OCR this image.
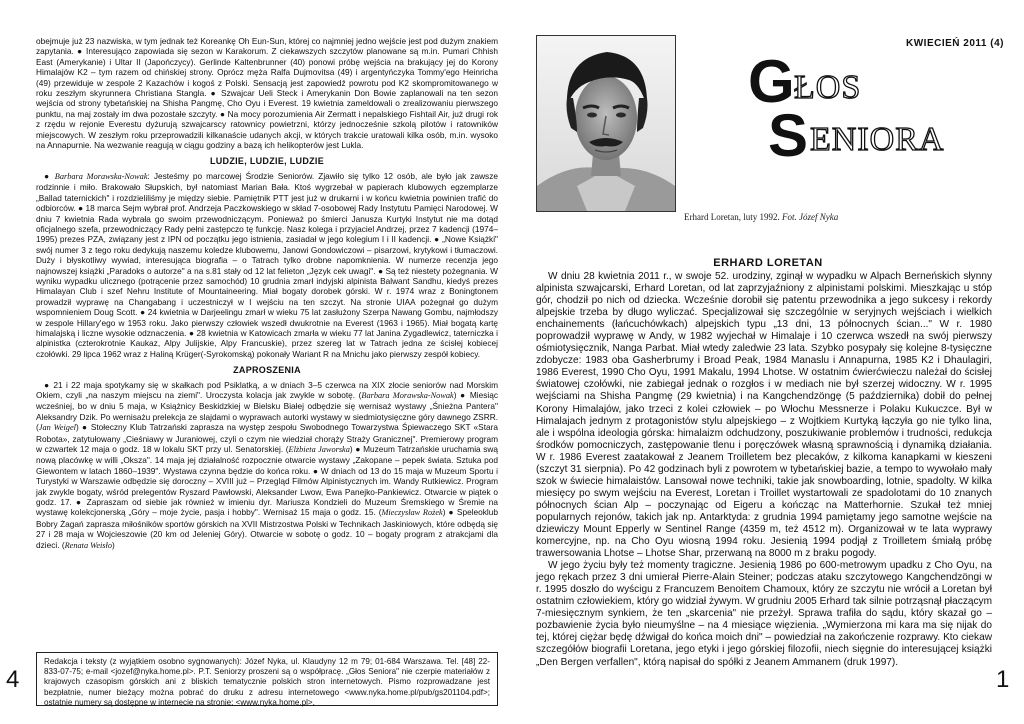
obejmuje już 23 nazwiska, w tym jednak też Koreankę Oh Eun-Sun, której co najmniej jedno wejście jest pod dużym znakiem zapytania. ● Interesująco zapowiada się sezon w Karakorum. Z ciekawszych szczytów planowane są m.in. Pumari Chhish East (Amerykanie) i Ultar II (Japończycy). Gerlinde Kaltenbrunner (40) ponowi próbę wejścia na brakujący jej do Korony Himalajów K2 – tym razem od chińskiej strony. Oprócz męża Ralfa Dujmovitsa (49) i argentyńczyka Tommy'ego Heinricha (49) przewiduje w zespole 2 Kazachów i kogoś z Polski. Sensacją jest zapowiedź powrotu pod K2 skompromitowanego w roku zeszłym skyrunnera Christiana Stangla. ● Szwajcar Ueli Steck i Amerykanin Don Bowie zaplanowali na ten sezon wejścia od strony tybetańskiej na Shisha Pangmę, Cho Oyu i Everest. 19 kwietnia zameldowali o zrealizowaniu pierwszego punktu, na maj zostały im dwa pozostałe szczyty. ● Na mocy porozumienia Air Zermatt i nepalskiego Fishtail Air, już drugi rok z rzędu w rejonie Everestu dyżurują szwajcarscy ratownicy powietrzni, którzy jednocześnie szkolą pilotów i ratowników miejscowych. W zeszłym roku przeprowadzili kilkanaście udanych akcji, w których trakcie uratowali kilka osób, m.in. wysoko na Annapurnie. Na wezwanie reagują w ciągu godziny a bazą ich helikopterów jest Lukla.

LUDZIE, LUDZIE, LUDZIE

● Barbara Morawska-Nowak: Jesteśmy po marcowej Środzie Seniorów. Zjawiło się tylko 12 osób, ale było jak zawsze rodzinnie i miło. Brakowało Słupskich, był natomiast Marian Bała. Ktoś wygrzebał w papierach klubowych egzemplarze „Ballad taternickich" i rozdzieliliśmy je między siebie. Pamiętnik PTT jest już w drukarni i w końcu kwietnia powinien trafić do odbiorców. ● 18 marca Sejm wybrał prof. Andrzeja Paczkowskiego w skład 7-osobowej Rady Instytutu Pamięci Narodowej. W dniu 7 kwietnia Rada wybrała go swoim przewodniczącym. Ponieważ po śmierci Janusza Kurtyki Instytut nie ma dotąd oficjalnego szefa, przewodniczący Rady pełni zastępczo tę funkcję. Nasz kolega i przyjaciel Andrzej, przez 7 kadencji (1974–1995) prezes PZA, związany jest z IPN od początku jego istnienia, zasiadał w jego kolegium I i II kadencji. ● „Nowe Książki" swój numer 3 z tego roku dedykują naszemu koledze klubowemu, Janowi Gondowiczowi – pisarzowi, krytykowi i tłumaczowi. Duży i błyskotliwy wywiad, interesująca biografia – o Tatrach tylko drobne napomknienia. W numerze recenzja jego najnowszej książki „Paradoks o autorze" a na s.81 stały od 12 lat felieton „Język cek uwagi". ● Są też niestety pożegnania. W wyniku wypadku ulicznego (potrącenie przez samochód) 10 grudnia zmarł indyjski alpinista Balwant Sandhu, kiedyś prezes Himalayan Club i szef Nehru Institute of Mountaineering. Miał bogaty dorobek górski. W r. 1974 wraz z Boningtonem prowadził wyprawę na Changabang i uczestniczył w I wejściu na ten szczyt. Na stronie UIAA pożegnał go dużym wspomnieniem Doug Scott. ● 24 kwietnia w Darjeelingu zmarł w wieku 75 lat zasłużony Szerpa Nawang Gombu, najmłodszy w zespole Hillary'ego w 1953 roku. Jako pierwszy człowiek wszedł dwukrotnie na Everest (1963 i 1965). Miał bogatą kartę himalajską i liczne wysokie odznaczenia. ● 28 kwietnia w Katowicach zmarła w wieku 77 lat Janina Zygadlewicz, taterniczka i alpinistka (czterokrotnie Kaukaz, Alpy Julijskie, Alpy Francuskie), przez szereg lat w Tatrach jedna ze ścisłej kobiecej czołówki. 29 lipca 1962 wraz z Haliną Krüger(-Syrokomską) pokonały Wariant R na Mnichu jako pierwszy zespół kobiecy.

ZAPROSZENIA

● 21 i 22 maja spotykamy się w skałkach pod Psiklatką, a w dniach 3–5 czerwca na XIX złocie seniorów nad Morskim Okiem, czyli „na naszym miejscu na ziemi". Uroczysta kolacja jak zwykle w sobotę. (Barbara Morawska-Nowak) ● Miesiąc wcześniej, bo w dniu 5 maja, w Książnicy Beskidzkiej w Bielsku Białej odbędzie się wernisaż wystawy „Śnieżna Pantera" Aleksandry Dzik. Po wernisażu prelekcja ze slajdami o wyprawach autorki wystawy w siedmiotysięczne góry dawnego ZSRR. (Jan Weigel) ● Stołeczny Klub Tatrzański zaprasza na występ zespołu Swobodnego Towarzystwa Śpiewaczego SKT «Stara Robota», zatytułowany „Cieśniawy w Juraniowej, czyli o czym nie wiedział chorąży Straży Granicznej". Premierowy program w czwartek 12 maja o godz. 18 w lokalu SKT przy ul. Senatorskiej. (Elżbieta Jaworska) ● Muzeum Tatrzańskie uruchamia swą nową placówkę w willi „Oksza". 14 maja jej działalność rozpocznie otwarcie wystawy „Zakopane – pepek świata. Sztuka pod Giewontem w latach 1860–1939". Wystawa czynna będzie do końca roku. ● W dniach od 13 do 15 maja w Muzeum Sportu i Turystyki w Warszawie odbędzie się doroczny – XVIII już – Przegląd Filmów Alpinistycznych im. Wandy Rutkiewicz. Program jak zwykle bogaty, wśród prelegentów Ryszard Pawłowski, Aleksander Lwow, Ewa Panejko-Pankiewicz. Otwarcie w piątek o godz. 17. ● Zapraszam od siebie jak również w imieniu dyr. Mariusza Kondzieli do Muzeum Śremskiego w Śremie na wystawę kolekcjonerską „Góry – moje życie, pasja i hobby". Wernisaż 15 maja o godz. 15. (Mieczysław Rożek) ● Speleoklub Bobry Żagań zaprasza miłośników sportów górskich na XVII Mistrzostwa Polski w Technikach Jaskiniowych, które odbędą się 27 i 28 maja w Wojcieszowie (20 km od Jeleniej Góry). Otwarcie w sobotę o godz. 10 – bogaty program z atrakcjami dla dzieci. (Renata Weisło)

Redakcja i teksty (z wyjątkiem osobno sygnowanych): Józef Nyka, ul. Klaudyny 12 m 79; 01-684 Warszawa. Tel. [48] 22-833-07-75; e-mail <jozef@nyka.home.pl>. P.T. Seniorzy proszeni są o współpracę. „Głos Seniora" nie czerpie materiałów z krajowych czasopism górskich ani z bliskich tematycznie polskich stron internetowych. Pismo rozprowadzane jest bezpłatnie, numer bieżący można pobrać do druku z adresu internetowego <www.nyka.home.pl/pub/gs201104.pdf>; ostatnie numery są dostępne w internecie na stronie: <www.nyka.home.pl>.
4
Erhard Loretan, luty 1992. Fot. Józef Nyka
KWIECIEŃ 2011 (4)
G ŁOS
S ENIORA
ERHARD LORETAN

W dniu 28 kwietnia 2011 r., w swoje 52. urodziny, zginął w wypadku w Alpach Berneńskich słynny alpinista szwajcarski, Erhard Loretan, od lat zaprzyjaźniony z alpinistami polskimi. Mieszkając u stóp gór, chodził po nich od dziecka. Wcześnie dorobił się patentu przewodnika a jego sukcesy i rekordy alpejskie trzeba by długo wyliczać. Specjalizował się szczególnie w seryjnych wejściach i wielkich enchainements (łańcuchówkach) alpejskich typu „13 dni, 13 północnych ścian..." W r. 1980 poprowadził wyprawę w Andy, w 1982 wyjechał w Himalaje i 10 czerwca wszedł na swój pierwszy ośmiotysięcznik, Nanga Parbat. Miał wtedy zaledwie 23 lata. Szybko posypały się kolejne 8-tysięczne zdobycze: 1983 oba Gasherbrumy i Broad Peak, 1984 Manaslu i Annapurna, 1985 K2 i Dhaulagiri, 1986 Everest, 1990 Cho Oyu, 1991 Makalu, 1994 Lhotse. W ostatnim ćwierćwieczu należał do ścisłej światowej czołówki, nie zabiegał jednak o rozgłos i w mediach nie był szerzej widoczny. W r. 1995 wejściami na Shisha Pangmę (29 kwietnia) i na Kangchendzöngę (5 października) dobił do pełnej Korony Himalajów, jako trzeci z kolei człowiek – po Włochu Messnerze i Polaku Kukuczce. Był w Himalajach jednym z protagonistów stylu alpejskiego – z Wojtkiem Kurtyką łączyła go nie tylko lina, ale i wspólna ideologia górska: himalaizm odchudzony, poszukiwanie problemów i trudności, redukcja środków pomocniczych, zastępowanie tlenu i poręczówek własną sprawnością i dynamiką działania. W r. 1986 Everest zaatakował z Jeanem Troilletem bez plecaków, z kilkoma kanapkami w kieszeni (szczyt 31 sierpnia). Po 42 godzinach byli z powrotem w tybetańskiej bazie, a tempo to wywołało mały szok w świecie himalaistów. Lansował nowe techniki, takie jak snowboarding, lotnie, spadolty. W kilka miesięcy po swym wejściu na Everest, Loretan i Troillet wystartowali ze spadolotami do 10 znanych północnych ścian Alp – poczynając od Eigeru a kończąc na Matterhornie. Szukał też mniej popularnych rejonów, takich jak np. Antarktyda: z grudnia 1994 pamiętamy jego samotne wejście na dziewiczy Mount Epperly w Sentinel Range (4359 m, też 4512 m). Organizował w te lata wyprawy komercyjne, np. na Cho Oyu wiosną 1994 roku. Jesienią 1994 podjął z Troilletem śmiałą próbę trawersowania Lhotse – Lhotse Shar, przerwaną na 8000 m z braku pogody.

W jego życiu były też momenty tragiczne. Jesienią 1986 po 600-metrowym upadku z Cho Oyu, na jego rękach przez 3 dni umierał Pierre-Alain Steiner; podczas ataku szczytowego Kangchendzöngi w r. 1995 doszło do wyścigu z Francuzem Benoitem Chamoux, który ze szczytu nie wrócił a Loretan był ostatnim człowiekiem, który go widział żywym. W grudniu 2005 Erhard tak silnie potrząsnął płaczącym 7-miesięcznym synkiem, że ten „skarcenia" nie przeżył. Sprawa trafiła do sądu, który skazał go – pozbawienie życia było nieumyślne – na 4 miesiące więzienia. „Wymierzona mi kara ma się nijak do tej, której ciężar będę dźwigał do końca moich dni" – powiedział na zakończenie rozprawy. Kto ciekaw szczegółów biografii Loretana, jego etyki i jego górskiej filozofii, niech sięgnie do interesującej książki „Den Bergen verfallen", którą napisał do spółki z Jeanem Ammanem (druk 1997).

1
